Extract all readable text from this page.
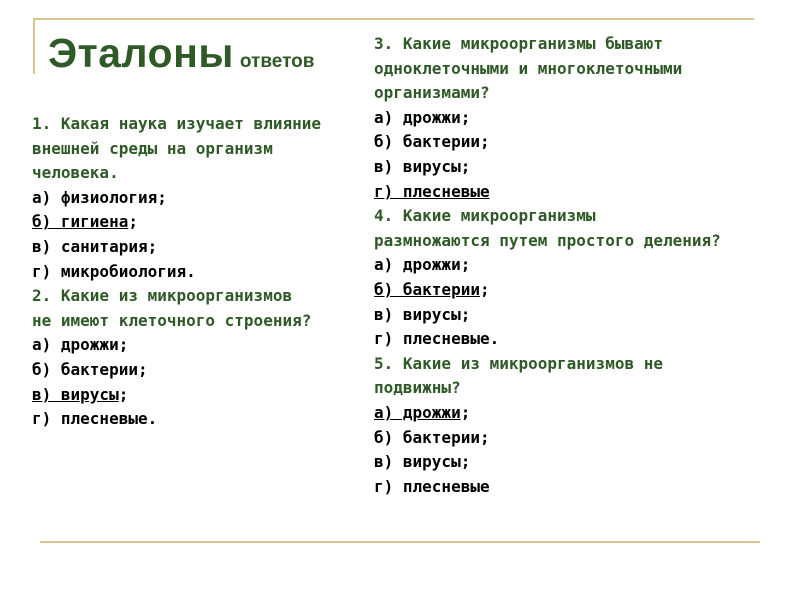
Эталоны ответов
1. Какая наука изучает влияние
внешней среды на организм
человека.
а) физиология;
б) гигиена;
в) санитария;
г) микробиология.
2. Какие из микроорганизмов
не имеют клеточного строения?
а) дрожжи;
б) бактерии;
в) вирусы;
г) плесневые.
3. Какие микроорганизмы бывают
одноклеточными и многоклеточными
организмами?
а) дрожжи;
б) бактерии;
в) вирусы;
г) плесневые
4. Какие микроорганизмы
размножаются путем простого деления?
а) дрожжи;
б) бактерии;
в) вирусы;
г) плесневые.
5. Какие из микроорганизмов не
подвижны?
а) дрожжи;
б) бактерии;
в) вирусы;
г) плесневые
